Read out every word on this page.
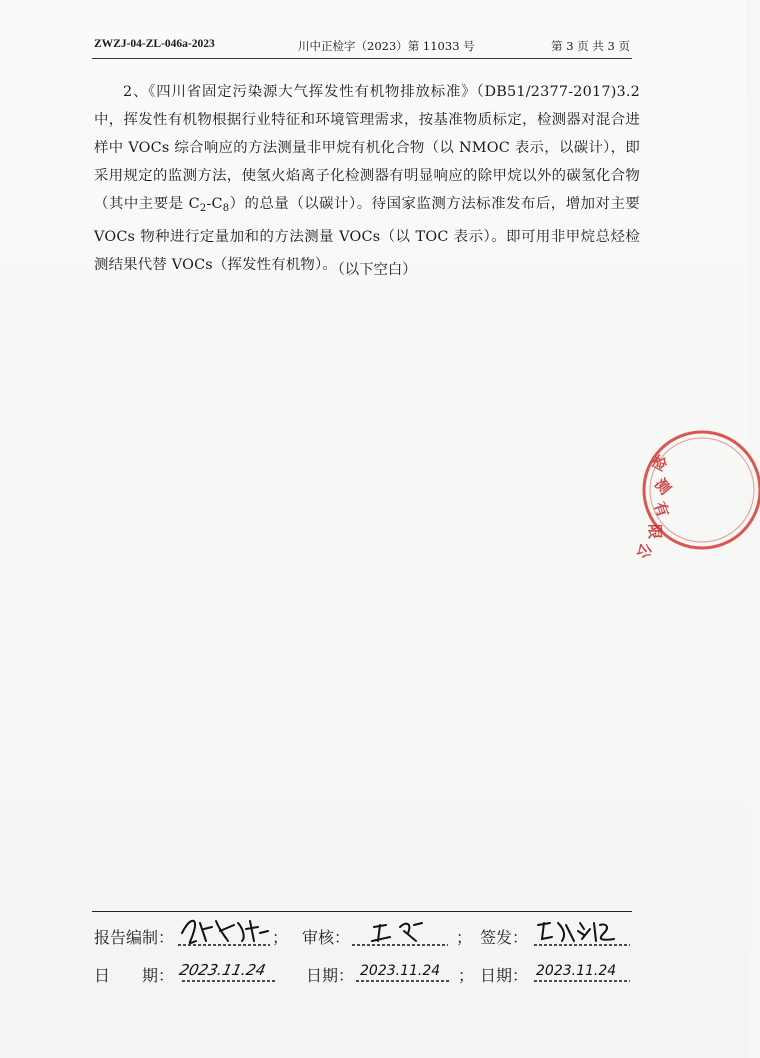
ZWZJ-04-ZL-046a-2023	川中正检字（2023）第 11033 号	第 3 页 共 3 页

2、《四川省固定污染源大气挥发性有机物排放标准》（DB51/2377-2017)3.2中，挥发性有机物根据行业特征和环境管理需求，按基准物质标定，检测器对混合进样中 VOCs 综合响应的方法测量非甲烷有机化合物（以 NMOC 表示，以碳计），即采用规定的监测方法，使氢火焰离子化检测器有明显响应的除甲烷以外的碳氢化合物（其中主要是 $C_2-C_8$）的总量（以碳计）。待国家监测方法标准发布后，增加对主要 VOCs 物种进行定量加和的方法测量 VOCs（以 TOC 表示）。即可用非甲烷总烃检测结果代替 VOCs（挥发性有机物）。

（以下空白）
检
测
有
限
公
报告编制：	； 审核：	； 签发：
日　　期： 2023.11.24 日期： 2023.11.24 ； 日期： 2023.11.24
